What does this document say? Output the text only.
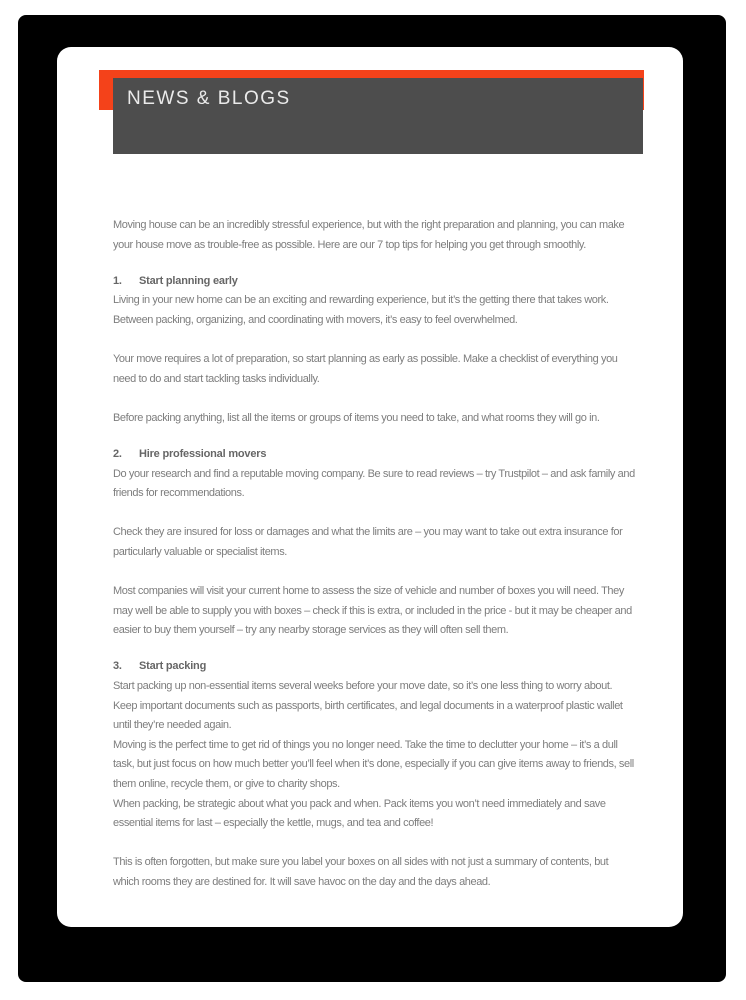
NEWS & BLOGS

Moving house can be an incredibly stressful experience, but with the right preparation and planning, you can make your house move as trouble-free as possible. Here are our 7 top tips for helping you get through smoothly.

1.	Start planning early

Living in your new home can be an exciting and rewarding experience, but it’s the getting there that takes work. Between packing, organizing, and coordinating with movers, it’s easy to feel overwhelmed.

Your move requires a lot of preparation, so start planning as early as possible. Make a checklist of everything you need to do and start tackling tasks individually.

Before packing anything, list all the items or groups of items you need to take, and what rooms they will go in.

2.	Hire professional movers

Do your research and find a reputable moving company. Be sure to read reviews – try Trustpilot – and ask family and friends for recommendations.

Check they are insured for loss or damages and what the limits are – you may want to take out extra insurance for particularly valuable or specialist items.

Most companies will visit your current home to assess the size of vehicle and number of boxes you will need. They may well be able to supply you with boxes – check if this is extra, or included in the price - but it may be cheaper and easier to buy them yourself – try any nearby storage services as they will often sell them.

3.	Start packing

Start packing up non-essential items several weeks before your move date, so it’s one less thing to worry about. Keep important documents such as passports, birth certificates, and legal documents in a waterproof plastic wallet until they’re needed again.

Moving is the perfect time to get rid of things you no longer need. Take the time to declutter your home – it’s a dull task, but just focus on how much better you’ll feel when it’s done, especially if you can give items away to friends, sell them online, recycle them, or give to charity shops.

When packing, be strategic about what you pack and when. Pack items you won’t need immediately and save essential items for last – especially the kettle, mugs, and tea and coffee!

This is often forgotten, but make sure you label your boxes on all sides with not just a summary of contents, but which rooms they are destined for. It will save havoc on the day and the days ahead.
